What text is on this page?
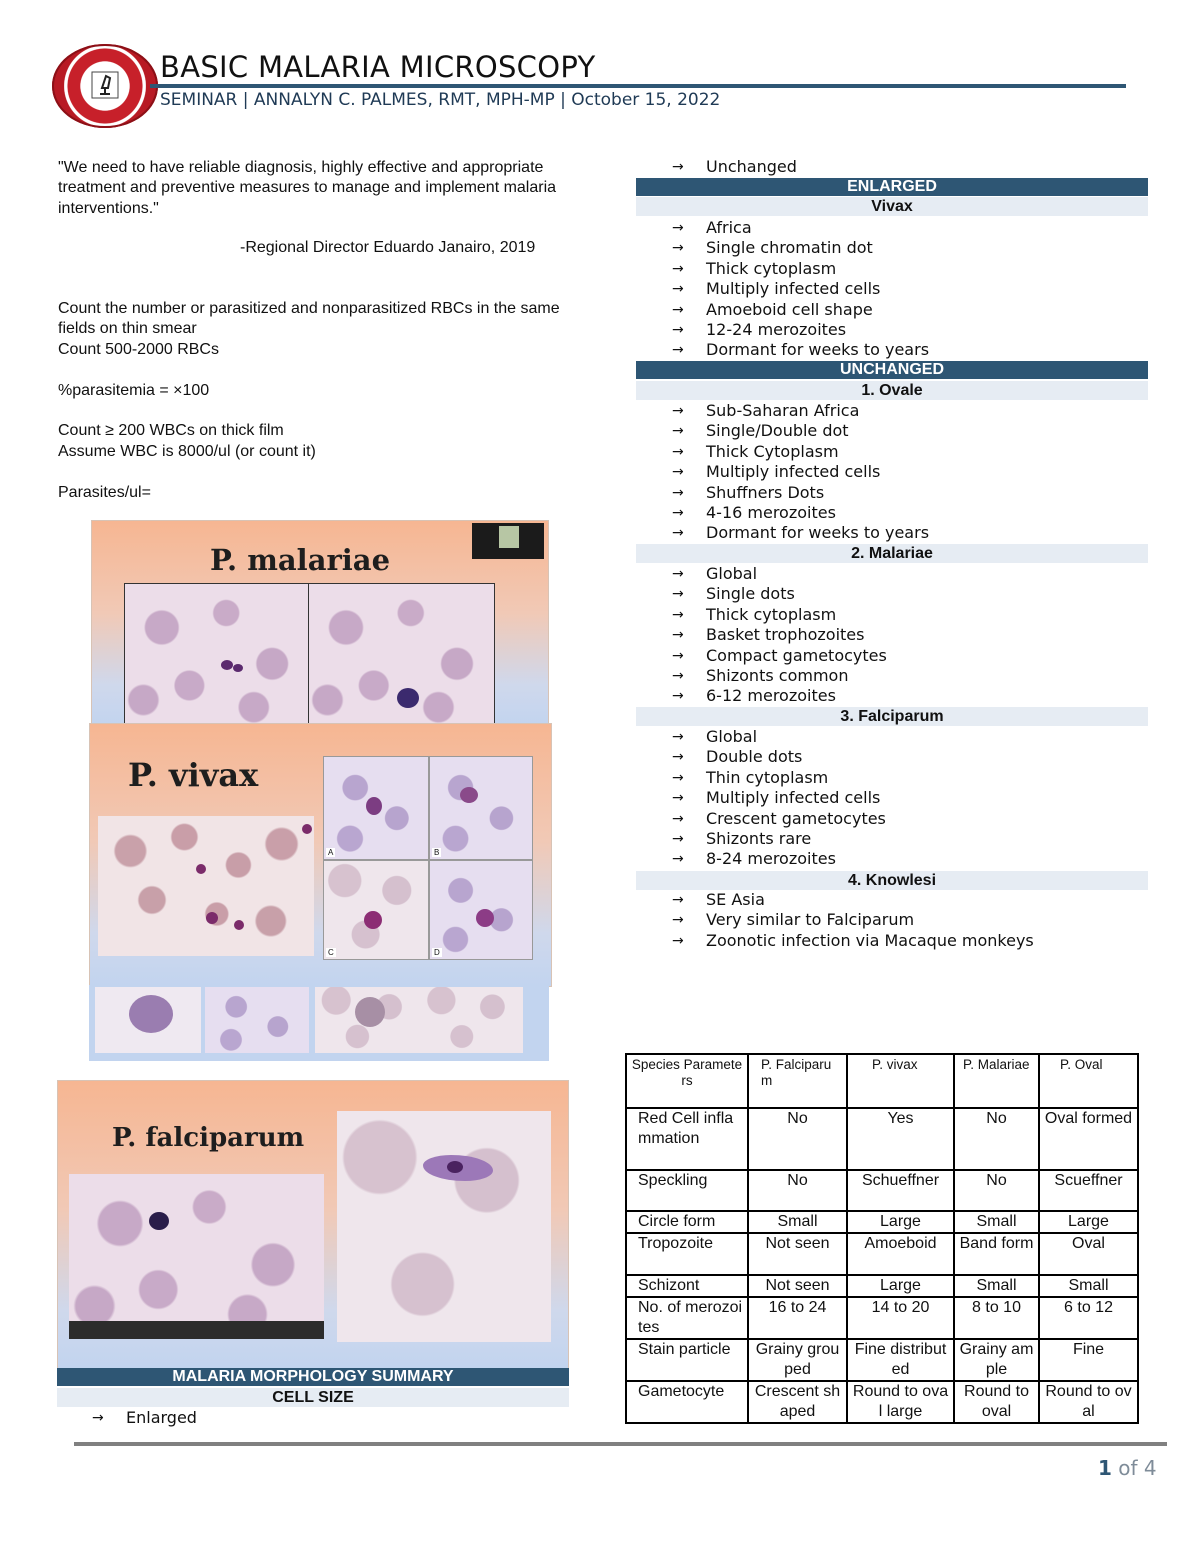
BASIC MALARIA MICROSCOPY
SEMINAR | ANNALYN C. PALMES, RMT, MPH-MP | October 15, 2022
"We need to have reliable diagnosis, highly effective and appropriate treatment and preventive measures to manage and implement malaria interventions."
-Regional Director Eduardo Janairo, 2019
Count the number or parasitized and nonparasitized RBCs in the same fields on thin smear
Count 500-2000 RBCs
%parasitemia = ×100
Count ≥ 200 WBCs on thick film
Assume WBC is 8000/ul (or count it)
Parasites/ul=
P. malariae
P. vivax
A	B
C	D
P. falciparum
MALARIA MORPHOLOGY SUMMARY
CELL SIZE
→ Enlarged
→ Unchanged
ENLARGED
Vivax
→ Africa
→ Single chromatin dot
→ Thick cytoplasm
→ Multiply infected cells
→ Amoeboid cell shape
→ 12-24 merozoites
→ Dormant for weeks to years
UNCHANGED
1. Ovale
→ Sub-Saharan Africa
→ Single/Double dot
→ Thick Cytoplasm
→ Multiply infected cells
→ Shuffners Dots
→ 4-16 merozoites
→ Dormant for weeks to years
2. Malariae
→ Global
→ Single dots
→ Thick cytoplasm
→ Basket trophozoites
→ Compact gametocytes
→ Shizonts common
→ 6-12 merozoites
3. Falciparum
→ Global
→ Double dots
→ Thin cytoplasm
→ Multiply infected cells
→ Crescent gametocytes
→ Shizonts rare
→ 8-24 merozoites
4. Knowlesi
→ SE Asia
→ Very similar to Falciparum
→ Zoonotic infection via Macaque monkeys
Species Parameters	P. Falciparum	P. vivax	P. Malariae	P. Oval
Red Cell inflammation	No	Yes	No	Oval formed
Speckling	No	Schueffner	No	Scueffner
Circle form	Small	Large	Small	Large
Tropozoite	Not seen	Amoeboid	Band form	Oval
Schizont	Not seen	Large	Small	Small
No. of merozoites	16 to 24	14 to 20	8 to 10	6 to 12
Stain particle	Grainy grouped	Fine distributed	Grainy ample	Fine
Gametocyte	Crescent shaped	Round to oval large	Round to oval	Round to oval
1 of 4
